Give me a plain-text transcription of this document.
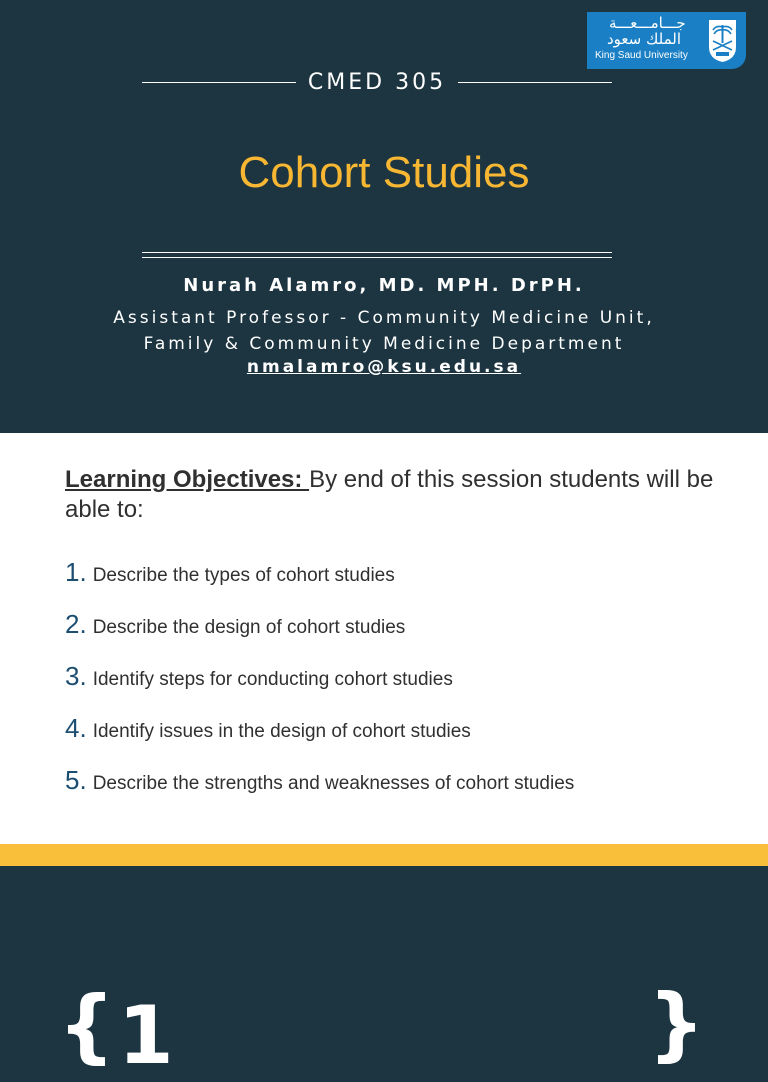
CMED 305
Cohort Studies
Nurah Alamro, MD. MPH. DrPH.
Assistant Professor - Community Medicine Unit,
Family & Community Medicine Department
nmalamro@ksu.edu.sa
جـــامـــعـــة
الملك سعود
King Saud University
Learning Objectives: By end of this session students will be able to:
1. Describe the types of cohort studies
2. Describe the design of cohort studies
3. Identify steps for conducting cohort studies
4. Identify issues in the design of cohort studies
5. Describe the strengths and weaknesses of cohort studies
{ 1	}
